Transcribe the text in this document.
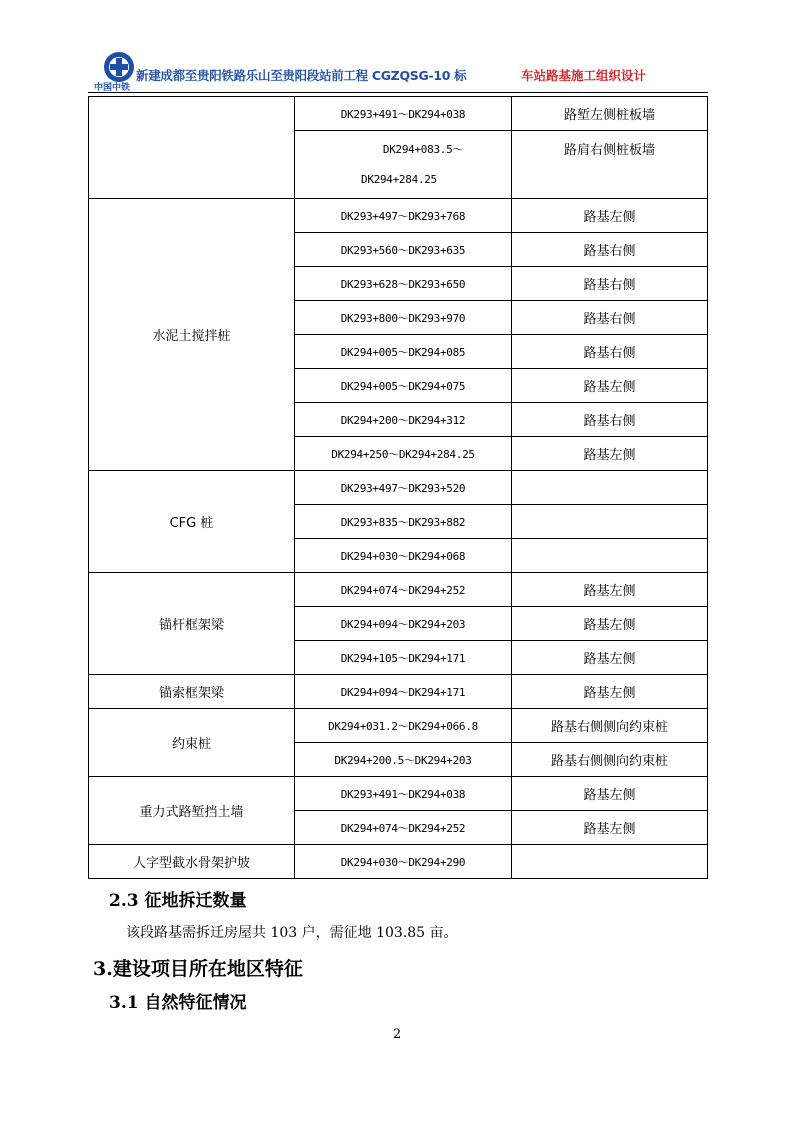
中国中铁
新建成都至贵阳铁路乐山至贵阳段站前工程 CGZQSG-10 标	车站路基施工组织设计
	DK293+491～DK294+038	路堑左侧桩板墙

	DK294+083.5～
DK294+284.25	路肩右侧桩板墙
水泥土搅拌桩	DK293+497～DK293+768	路基左侧
	DK293+560～DK293+635	路基右侧
	DK293+628～DK293+650	路基右侧
	DK293+800～DK293+970	路基右侧
	DK294+005～DK294+085	路基右侧
	DK294+005～DK294+075	路基左侧
	DK294+200～DK294+312	路基右侧
	DK294+250～DK294+284.25	路基左侧
CFG 桩	DK293+497～DK293+520	
	DK293+835～DK293+882	
	DK294+030～DK294+068	
锚杆框架梁	DK294+074～DK294+252	路基左侧
	DK294+094～DK294+203	路基左侧
	DK294+105～DK294+171	路基左侧
锚索框架梁	DK294+094～DK294+171	路基左侧
约束桩	DK294+031.2～DK294+066.8	路基右侧侧向约束桩
	DK294+200.5～DK294+203	路基右侧侧向约束桩
重力式路堑挡土墙	DK293+491～DK294+038	路基左侧
	DK294+074～DK294+252	路基左侧
人字型截水骨架护坡	DK294+030～DK294+290	
2.3 征地拆迁数量
该段路基需拆迁房屋共 103 户，需征地 103.85 亩。
3.建设项目所在地区特征
3.1 自然特征情况
2
